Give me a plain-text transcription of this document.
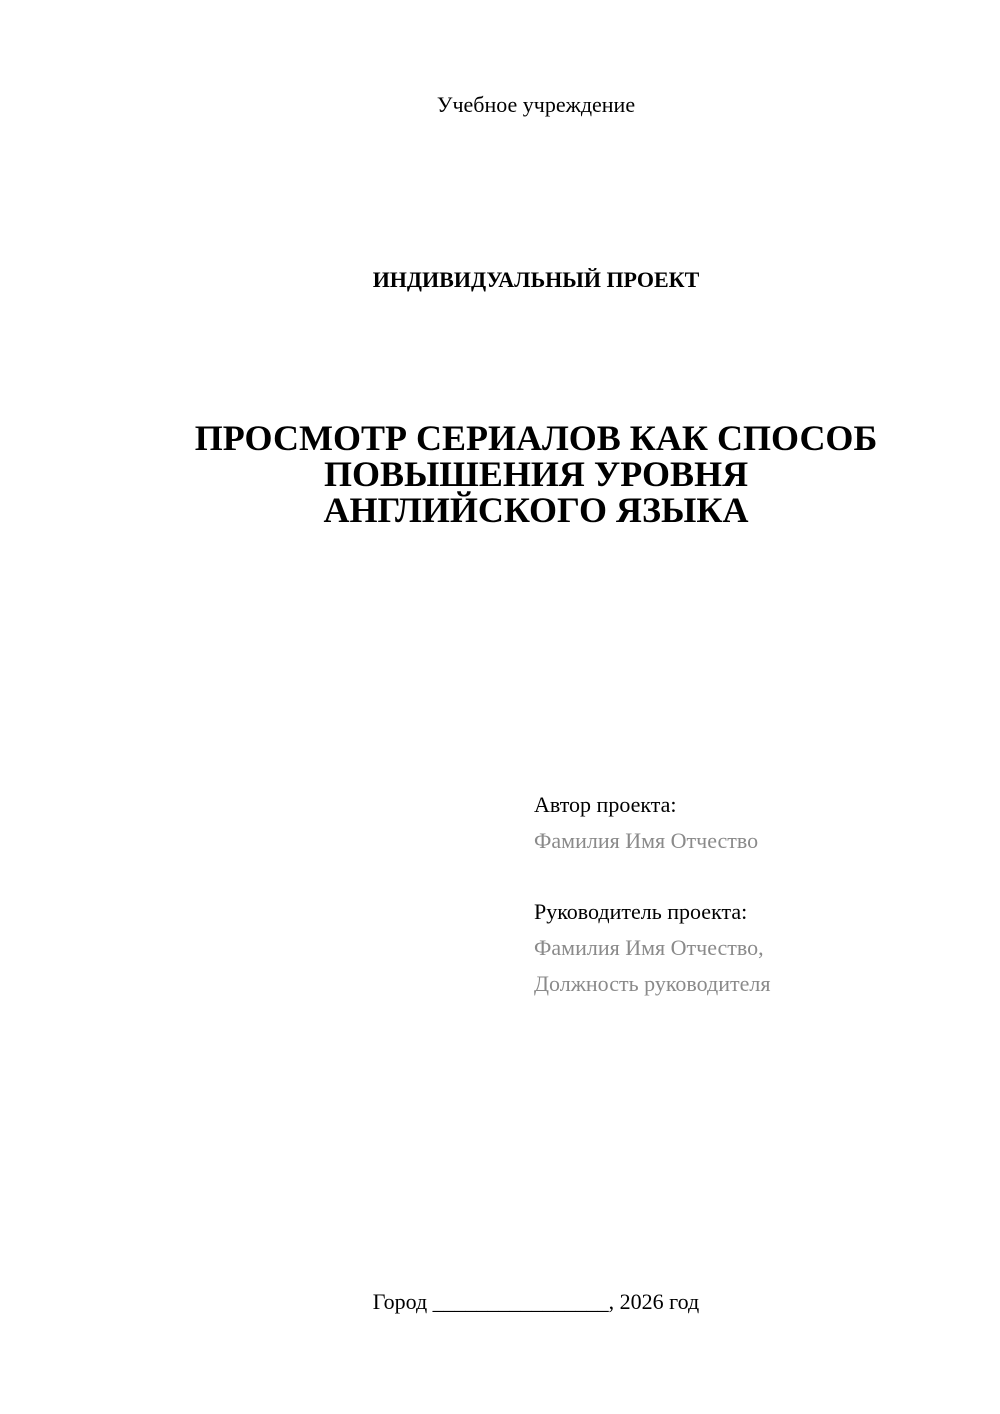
Учебное учреждение
ИНДИВИДУАЛЬНЫЙ ПРОЕКТ
ПРОСМОТР СЕРИАЛОВ КАК СПОСОБ
ПОВЫШЕНИЯ УРОВНЯ
АНГЛИЙСКОГО ЯЗЫКА
Автор проекта:
Фамилия Имя Отчество
Руководитель проекта:
Фамилия Имя Отчество,
Должность руководителя
Город ________________, 2026 год
